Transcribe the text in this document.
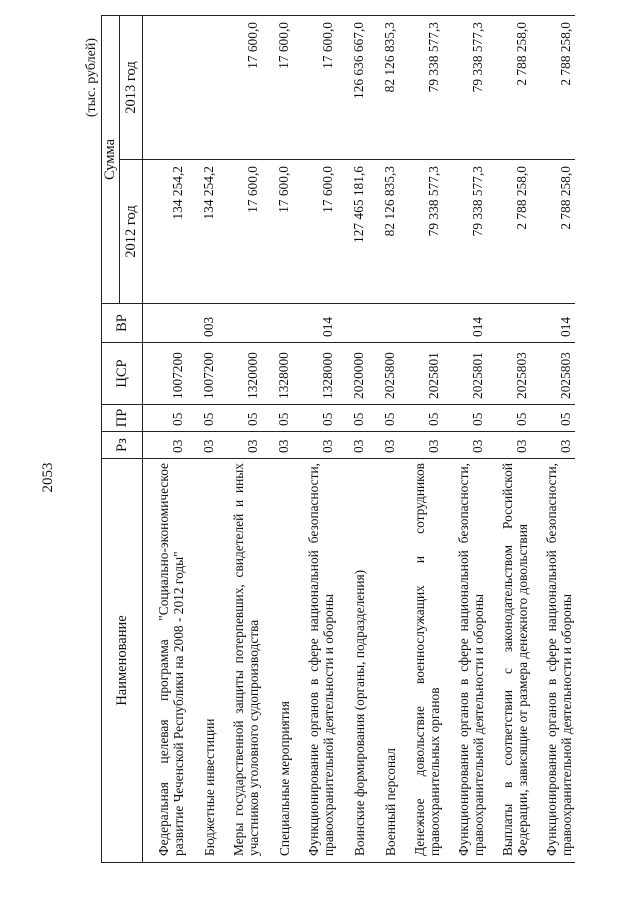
2053
(тыс. рублей)
Наименование	Рз	ПР	ЦСР	ВР	Сумма	
					2012 год	2013 год
Федеральная целевая программа "Социально-экономическое развитие Чеченской Республики на 2008 - 2012 годы"	03	05	1007200		134 254,2	
Бюджетные инвестиции	03	05	1007200	003	134 254,2	
Меры государственной защиты потерпевших, свидетелей и иных участников уголовного судопроизводства	03	05	1320000		17 600,0	17 600,0
Специальные мероприятия	03	05	1328000		17 600,0	17 600,0
Функционирование органов в сфере национальной безопасности, правоохранительной деятельности и обороны	03	05	1328000	014	17 600,0	17 600,0
Воинские формирования (органы, подразделения)	03	05	2020000		127 465 181,6	126 636 667,0
Военный персонал	03	05	2025800		82 126 835,3	82 126 835,3
Денежное довольствие военнослужащих и сотрудников правоохранительных органов	03	05	2025801		79 338 577,3	79 338 577,3
Функционирование органов в сфере национальной безопасности, правоохранительной деятельности и обороны	03	05	2025801	014	79 338 577,3	79 338 577,3
Выплаты в соответствии с законодательством Российской Федерации, зависящие от размера денежного довольствия	03	05	2025803		2 788 258,0	2 788 258,0
Функционирование органов в сфере национальной безопасности, правоохранительной деятельности и обороны	03	05	2025803	014	2 788 258,0	2 788 258,0
